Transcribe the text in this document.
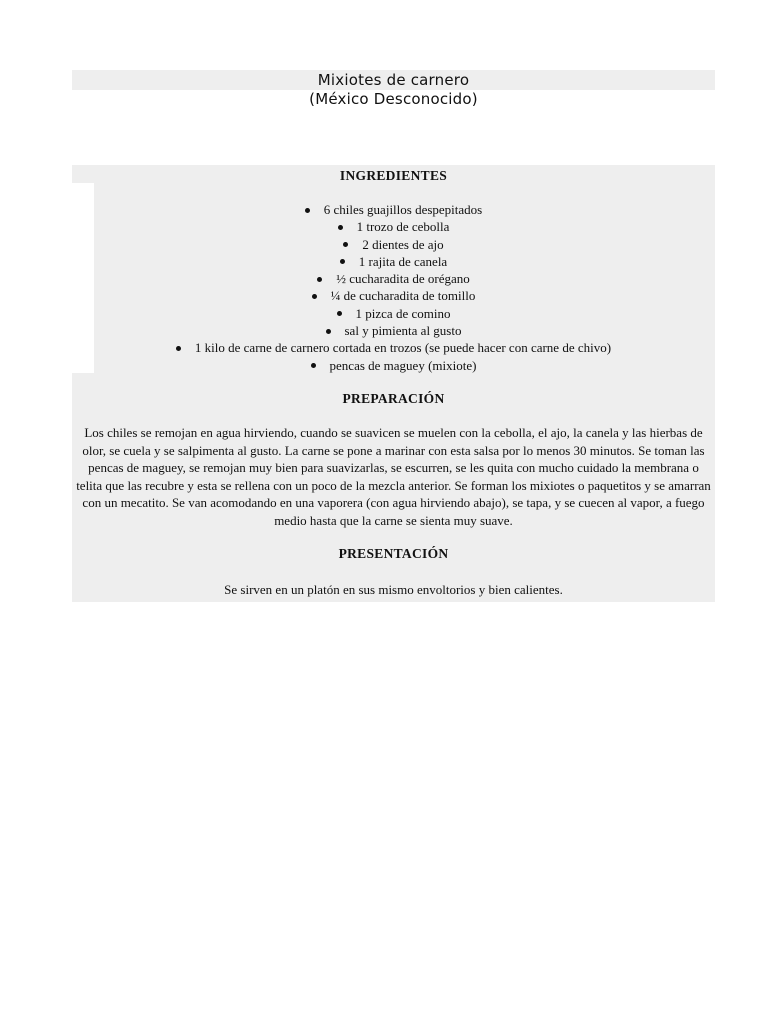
Mixiotes de carnero
(México Desconocido)
INGREDIENTES
6 chiles guajillos despepitados
1 trozo de cebolla
2 dientes de ajo
1 rajita de canela
½ cucharadita de orégano
¼ de cucharadita de tomillo
1 pizca de comino
sal y pimienta al gusto
1 kilo de carne de carnero cortada en trozos (se puede hacer con carne de chivo)
pencas de maguey (mixiote)
PREPARACIÓN

Los chiles se remojan en agua hirviendo, cuando se suavicen se muelen con la cebolla, el ajo, la canela y las hierbas de olor, se cuela y se salpimenta al gusto. La carne se pone a marinar con esta salsa por lo menos 30 minutos. Se toman las pencas de maguey, se remojan muy bien para suavizarlas, se escurren, se les quita con mucho cuidado la membrana o telita que las recubre y esta se rellena con un poco de la mezcla anterior. Se forman los mixiotes o paquetitos y se amarran con un mecatito. Se van acomodando en una vaporera (con agua hirviendo abajo), se tapa, y se cuecen al vapor, a fuego medio hasta que la carne se sienta muy suave.

PRESENTACIÓN

Se sirven en un platón en sus mismo envoltorios y bien calientes.
